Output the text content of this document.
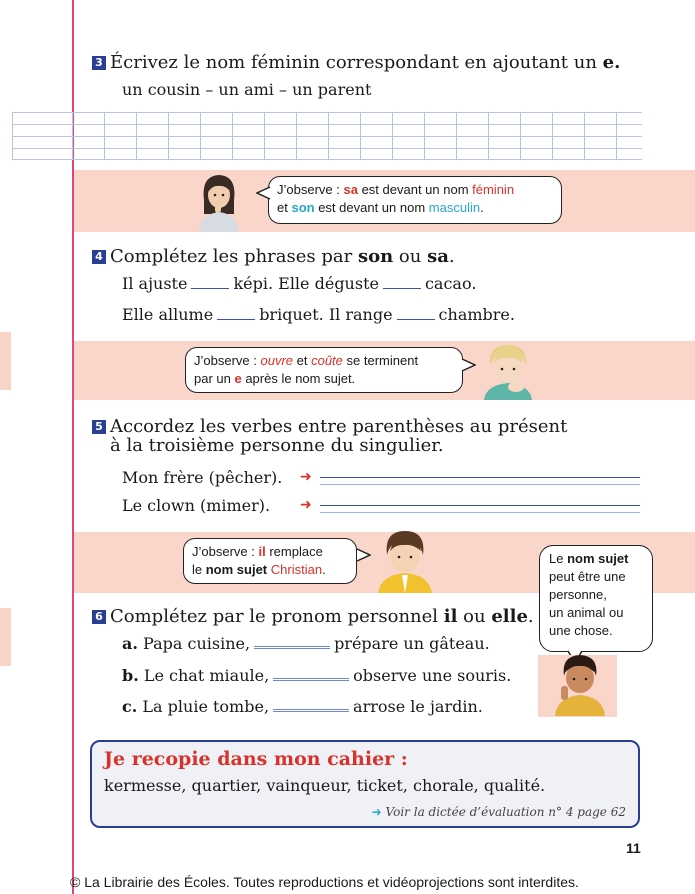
3 Écrivez le nom féminin correspondant en ajoutant un e.
un cousin – un ami – un parent
J’observe : sa est devant un nom féminin
et son est devant un nom masculin.
4 Complétez les phrases par son ou sa.
Il ajuste	képi. Elle déguste	cacao.
Elle allume	briquet. Il range	chambre.
J’observe : ouvre et coûte se terminent
par un e après le nom sujet.
5 Accordez les verbes entre parenthèses au présent
à la troisième personne du singulier.
Mon frère (pêcher). ➜
Le clown (mimer). ➜
J’observe : il remplace
le nom sujet Christian.
Le nom sujet
peut être une
personne,
un animal ou
une chose.
6 Complétez par le pronom personnel il ou elle.
a. Papa cuisine,	prépare un gâteau.
b. Le chat miaule,	observe une souris.
c. La pluie tombe,	arrose le jardin.
Je recopie dans mon cahier :
kermesse, quartier, vainqueur, ticket, chorale, qualité.
➜ Voir la dictée d’évaluation n° 4 page 62
11
© La Librairie des Écoles. Toutes reproductions et vidéoprojections sont interdites.
